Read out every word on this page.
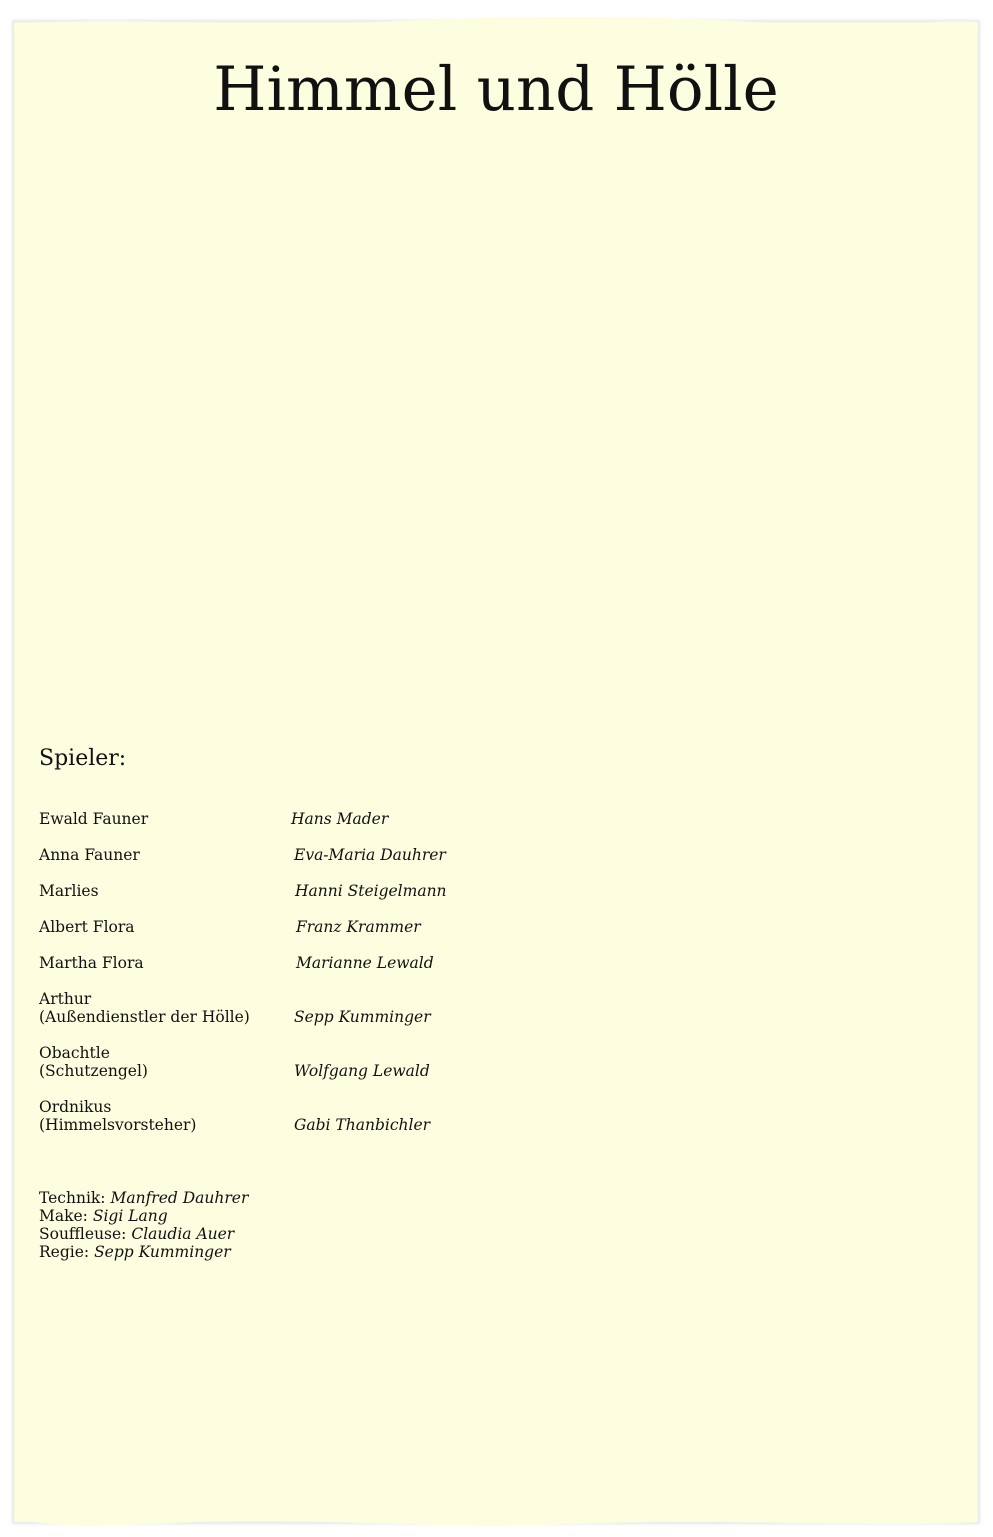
Himmel und Hölle
Spieler:
Ewald Fauner	Hans Mader
Anna Fauner	Eva-Maria Dauhrer
Marlies	Hanni Steigelmann
Albert Flora	Franz Krammer
Martha Flora	Marianne Lewald
Arthur
(Außendienstler der Hölle)	Sepp Kumminger
Obachtle
(Schutzengel)	Wolfgang Lewald
Ordnikus
(Himmelsvorsteher)	Gabi Thanbichler
Technik: Manfred Dauhrer
Make: Sigi Lang
Souffleuse: Claudia Auer
Regie: Sepp Kumminger
